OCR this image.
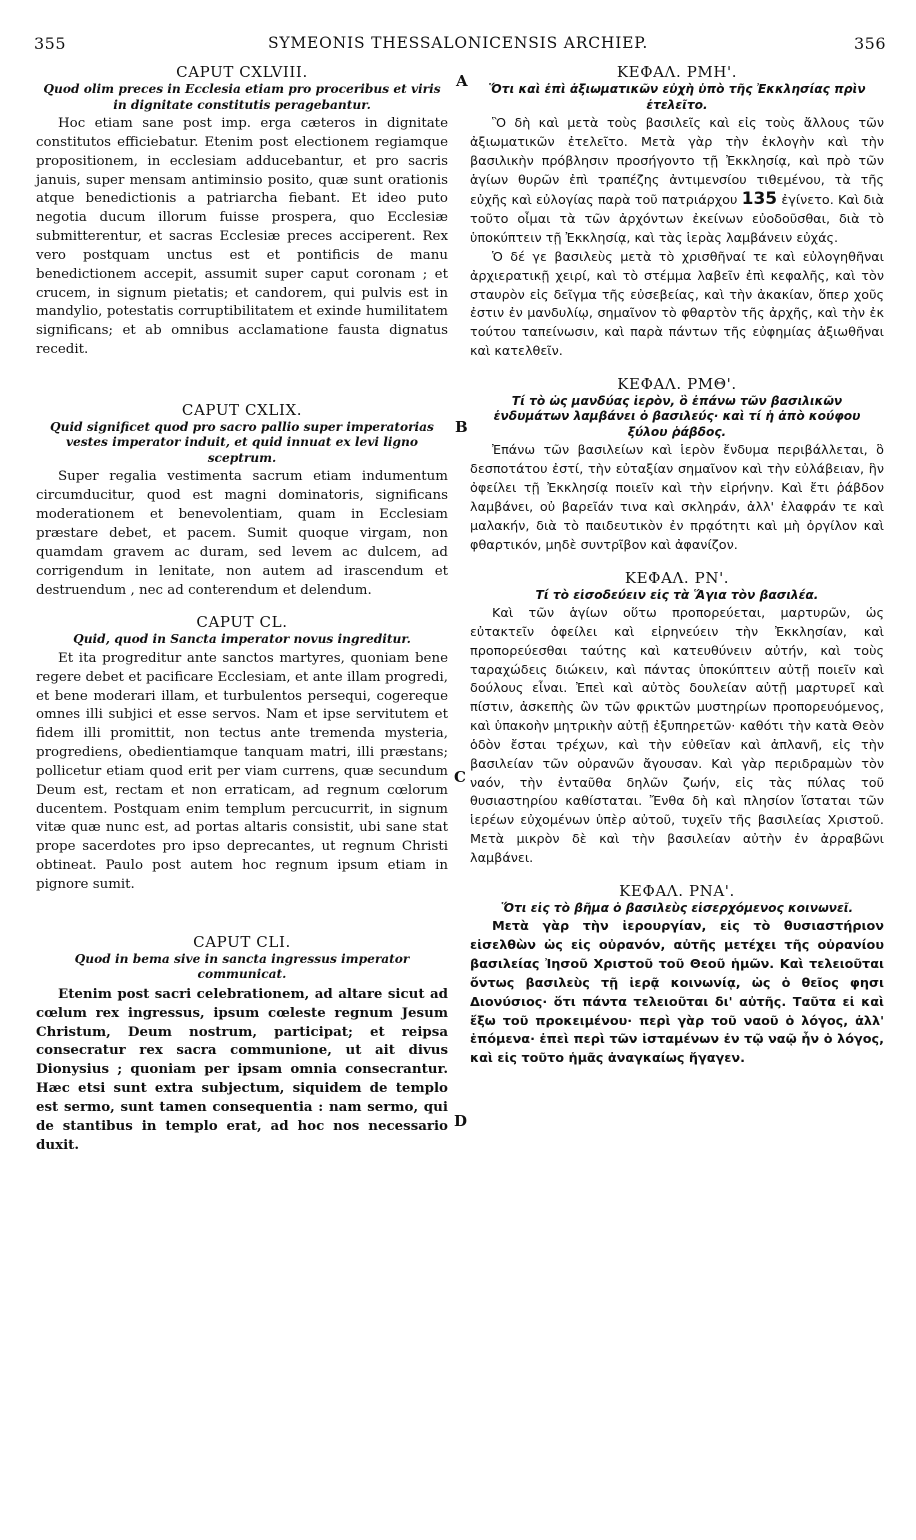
355	SYMEONIS THESSALONICENSIS ARCHIEP.	356
A
B
C
D

CAPUT CXLVIII.

Quod olim preces in Ecclesia etiam pro proceribus et viris in dignitate constitutis peragebantur.

Hoc etiam sane post imp. erga cæteros in dignitate constitutos efficiebatur. Etenim post electionem regiamque propositionem, in ecclesiam adducebantur, et pro sacris januis, super mensam antiminsio posito, quæ sunt orationis atque benedictionis a patriarcha fiebant. Et ideo puto negotia ducum illorum fuisse prospera, quo Ecclesiæ submitterentur, et sacras Ecclesiæ preces acciperent. Rex vero postquam unctus est et pontificis de manu benedictionem accepit, assumit super caput coronam ; et crucem, in signum pietatis; et candorem, qui pulvis est in mandylio, potestatis corruptibilitatem et exinde humilitatem significans; et ab omnibus acclamatione fausta dignatus recedit.

CAPUT CXLIX.

Quid significet quod pro sacro pallio super imperatorias vestes imperator induit, et quid innuat ex levi ligno sceptrum.

Super regalia vestimenta sacrum etiam indumentum circumducitur, quod est magni dominatoris, significans moderationem et benevolentiam, quam in Ecclesiam præstare debet, et pacem. Sumit quoque virgam, non quamdam gravem ac duram, sed levem ac dulcem, ad corrigendum in lenitate, non autem ad irascendum et destruendum , nec ad conterendum et delendum.

CAPUT CL.

Quid, quod in Sancta imperator novus ingreditur.

Et ita progreditur ante sanctos martyres, quoniam bene regere debet et pacificare Ecclesiam, et ante illam progredi, et bene moderari illam, et turbulentos persequi, cogereque omnes illi subjici et esse servos. Nam et ipse servitutem et fidem illi promittit, non tectus ante tremenda mysteria, progrediens, obedientiamque tanquam matri, illi præstans; pollicetur etiam quod erit per viam currens, quæ secundum Deum est, rectam et non erraticam, ad regnum cœlorum ducentem. Postquam enim templum percucurrit, in signum vitæ quæ nunc est, ad portas altaris consistit, ubi sane stat prope sacerdotes pro ipso deprecantes, ut regnum Christi obtineat. Paulo post autem hoc regnum ipsum etiam in pignore sumit.

CAPUT CLI.

Quod in bema sive in sancta ingressus imperator communicat.

Etenim post sacri celebrationem, ad altare sicut ad cœlum rex ingressus, ipsum cœleste regnum Jesum Christum, Deum nostrum, participat; et reipsa consecratur rex sacra communione, ut ait divus Dionysius ; quoniam per ipsam omnia consecrantur. Hæc etsi sunt extra subjectum, siquidem de templo est sermo, sunt tamen consequentia : nam sermo, qui de stantibus in templo erat, ad hoc nos necessario duxit.

ΚΕΦΑΛ. ΡΜΗ'.

Ὅτι καὶ ἐπὶ ἀξιωματικῶν εὐχὴ ὑπὸ τῆς Ἐκκλησίας πρὶν ἐτελεῖτο.

Ὃ δὴ καὶ μετὰ τοὺς βασιλεῖς καὶ εἰς τοὺς ἄλλους τῶν ἀξιωματικῶν ἐτελεῖτο. Μετὰ γὰρ τὴν ἐκλογὴν καὶ τὴν βασιλικὴν πρόβλησιν προσήγοντο τῇ Ἐκκλησίᾳ, καὶ πρὸ τῶν ἁγίων θυρῶν ἐπὶ τραπέζης ἀντιμενσίου τιθεμένου, τὰ τῆς εὐχῆς καὶ εὐλογίας παρὰ τοῦ πατριάρχου 135 ἐγίνετο. Καὶ διὰ τοῦτο οἶμαι τὰ τῶν ἀρχόντων ἐκείνων εὐοδοῦσθαι, διὰ τὸ ὑποκύπτειν τῇ Ἐκκλησίᾳ, καὶ τὰς ἱερὰς λαμβάνειν εὐχάς.

Ὁ δέ γε βασιλεὺς μετὰ τὸ χρισθῆναί τε καὶ εὐλογηθῆναι ἀρχιερατικῇ χειρί, καὶ τὸ στέμμα λαβεῖν ἐπὶ κεφαλῆς, καὶ τὸν σταυρὸν εἰς δεῖγμα τῆς εὐσεβείας, καὶ τὴν ἀκακίαν, ὅπερ χοῦς ἐστιν ἐν μανδυλίῳ, σημαῖνον τὸ φθαρτὸν τῆς ἀρχῆς, καὶ τὴν ἐκ τούτου ταπείνωσιν, καὶ παρὰ πάντων τῆς εὐφημίας ἀξιωθῆναι καὶ κατελθεῖν.

ΚΕΦΑΛ. ΡΜΘ'.

Τί τὸ ὡς μανδύας ἱερὸν, ὃ ἐπάνω τῶν βασιλικῶν ἐνδυμάτων λαμβάνει ὁ βασιλεύς· καὶ τί ἡ ἀπὸ κούφου ξύλου ῥάβδος.

Ἐπάνω τῶν βασιλείων καὶ ἱερὸν ἔνδυμα περιβάλλεται, ὃ δεσποτάτου ἐστί, τὴν εὐταξίαν σημαῖνον καὶ τὴν εὐλάβειαν, ἣν ὀφείλει τῇ Ἐκκλησίᾳ ποιεῖν καὶ τὴν εἰρήνην. Καὶ ἔτι ῥάβδον λαμβάνει, οὐ βαρεῖάν τινα καὶ σκληράν, ἀλλ' ἐλαφράν τε καὶ μαλακήν, διὰ τὸ παιδευτικὸν ἐν πρᾳότητι καὶ μὴ ὀργίλον καὶ φθαρτικόν, μηδὲ συντρῖβον καὶ ἀφανίζον.

ΚΕΦΑΛ. ΡΝ'.

Τί τὸ εἰσοδεύειν εἰς τὰ Ἅγια τὸν βασιλέα.

Καὶ τῶν ἁγίων οὕτω προπορεύεται, μαρτυρῶν, ὡς εὐτακτεῖν ὀφείλει καὶ εἰρηνεύειν τὴν Ἐκκλησίαν, καὶ προπορεύεσθαι ταύτης καὶ κατευθύνειν αὐτήν, καὶ τοὺς ταραχώδεις διώκειν, καὶ πάντας ὑποκύπτειν αὐτῇ ποιεῖν καὶ δούλους εἶναι. Ἐπεὶ καὶ αὐτὸς δουλείαν αὐτῇ μαρτυρεῖ καὶ πίστιν, ἀσκεπὴς ὢν τῶν φρικτῶν μυστηρίων προπορευόμενος, καὶ ὑπακοὴν μητρικὴν αὐτῇ ἐξυπηρετῶν· καθότι τὴν κατὰ Θεὸν ὁδὸν ἔσται τρέχων, καὶ τὴν εὐθεῖαν καὶ ἀπλανῆ, εἰς τὴν βασιλείαν τῶν οὐρανῶν ἄγουσαν. Καὶ γὰρ περιδραμὼν τὸν ναόν, τὴν ἐνταῦθα δηλῶν ζωήν, εἰς τὰς πύλας τοῦ θυσιαστηρίου καθίσταται. Ἔνθα δὴ καὶ πλησίον ἵσταται τῶν ἱερέων εὐχομένων ὑπὲρ αὐτοῦ, τυχεῖν τῆς βασιλείας Χριστοῦ. Μετὰ μικρὸν δὲ καὶ τὴν βασιλείαν αὐτὴν ἐν ἀρραβῶνι λαμβάνει.

ΚΕΦΑΛ. ΡΝΑ'.

Ὅτι εἰς τὸ βῆμα ὁ βασιλεὺς εἰσερχόμενος κοινωνεῖ.

Μετὰ γὰρ τὴν ἱερουργίαν, εἰς τὸ θυσιαστήριον εἰσελθὼν ὡς εἰς οὐρανόν, αὐτῆς μετέχει τῆς οὐρανίου βασιλείας Ἰησοῦ Χριστοῦ τοῦ Θεοῦ ἡμῶν. Καὶ τελειοῦται ὄντως βασιλεὺς τῇ ἱερᾷ κοινωνίᾳ, ὡς ὁ θεῖος φησι Διονύσιος· ὅτι πάντα τελειοῦται δι' αὐτῆς. Ταῦτα εἰ καὶ ἔξω τοῦ προκειμένου· περὶ γὰρ τοῦ ναοῦ ὁ λόγος, ἀλλ' ἑπόμενα· ἐπεὶ περὶ τῶν ἱσταμένων ἐν τῷ ναῷ ἦν ὁ λόγος, καὶ εἰς τοῦτο ἡμᾶς ἀναγκαίως ἤγαγεν.
